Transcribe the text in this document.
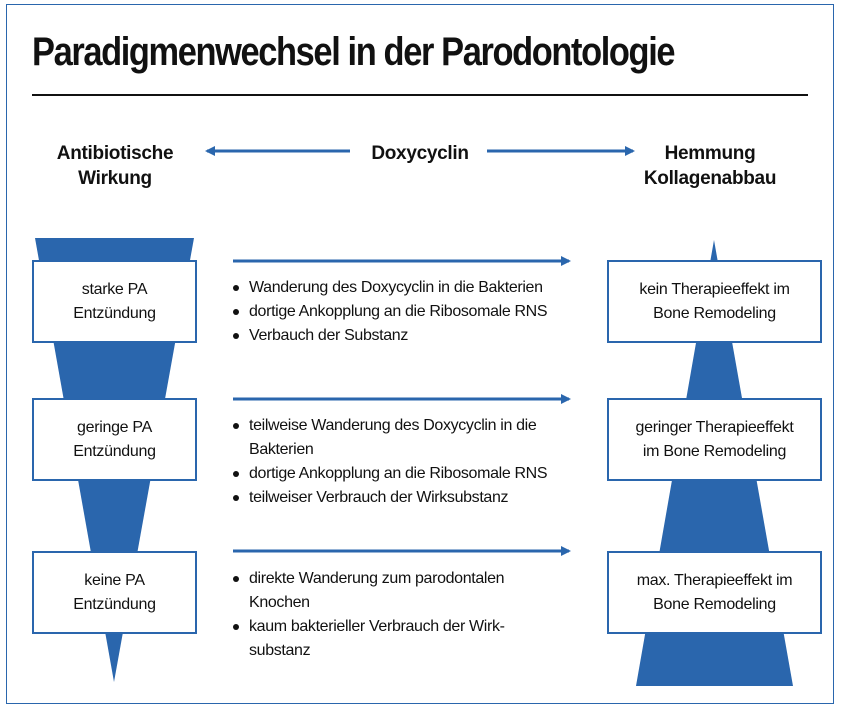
Paradigmenwechsel in der Parodontologie
Antibiotische
Wirkung
Doxycyclin	Hemmung
Kollagenabbau
starke PA
Entzündung
geringe PA
Entzündung
keine PA
Entzündung
kein Therapieeffekt im
Bone Remodeling
geringer Therapieeffekt
im Bone Remodeling
max. Therapieeffekt im
Bone Remodeling
Wanderung des Doxycyclin in die Bakterien
dortige Ankopplung an die Ribosomale RNS
Verbauch der Substanz
teilweise Wanderung des Doxycyclin in die Bakterien
dortige Ankopplung an die Ribosomale RNS
teilweiser Verbrauch der Wirksubstanz
direkte Wanderung zum parodontalen Knochen
kaum bakterieller Verbrauch der Wirk-substanz
